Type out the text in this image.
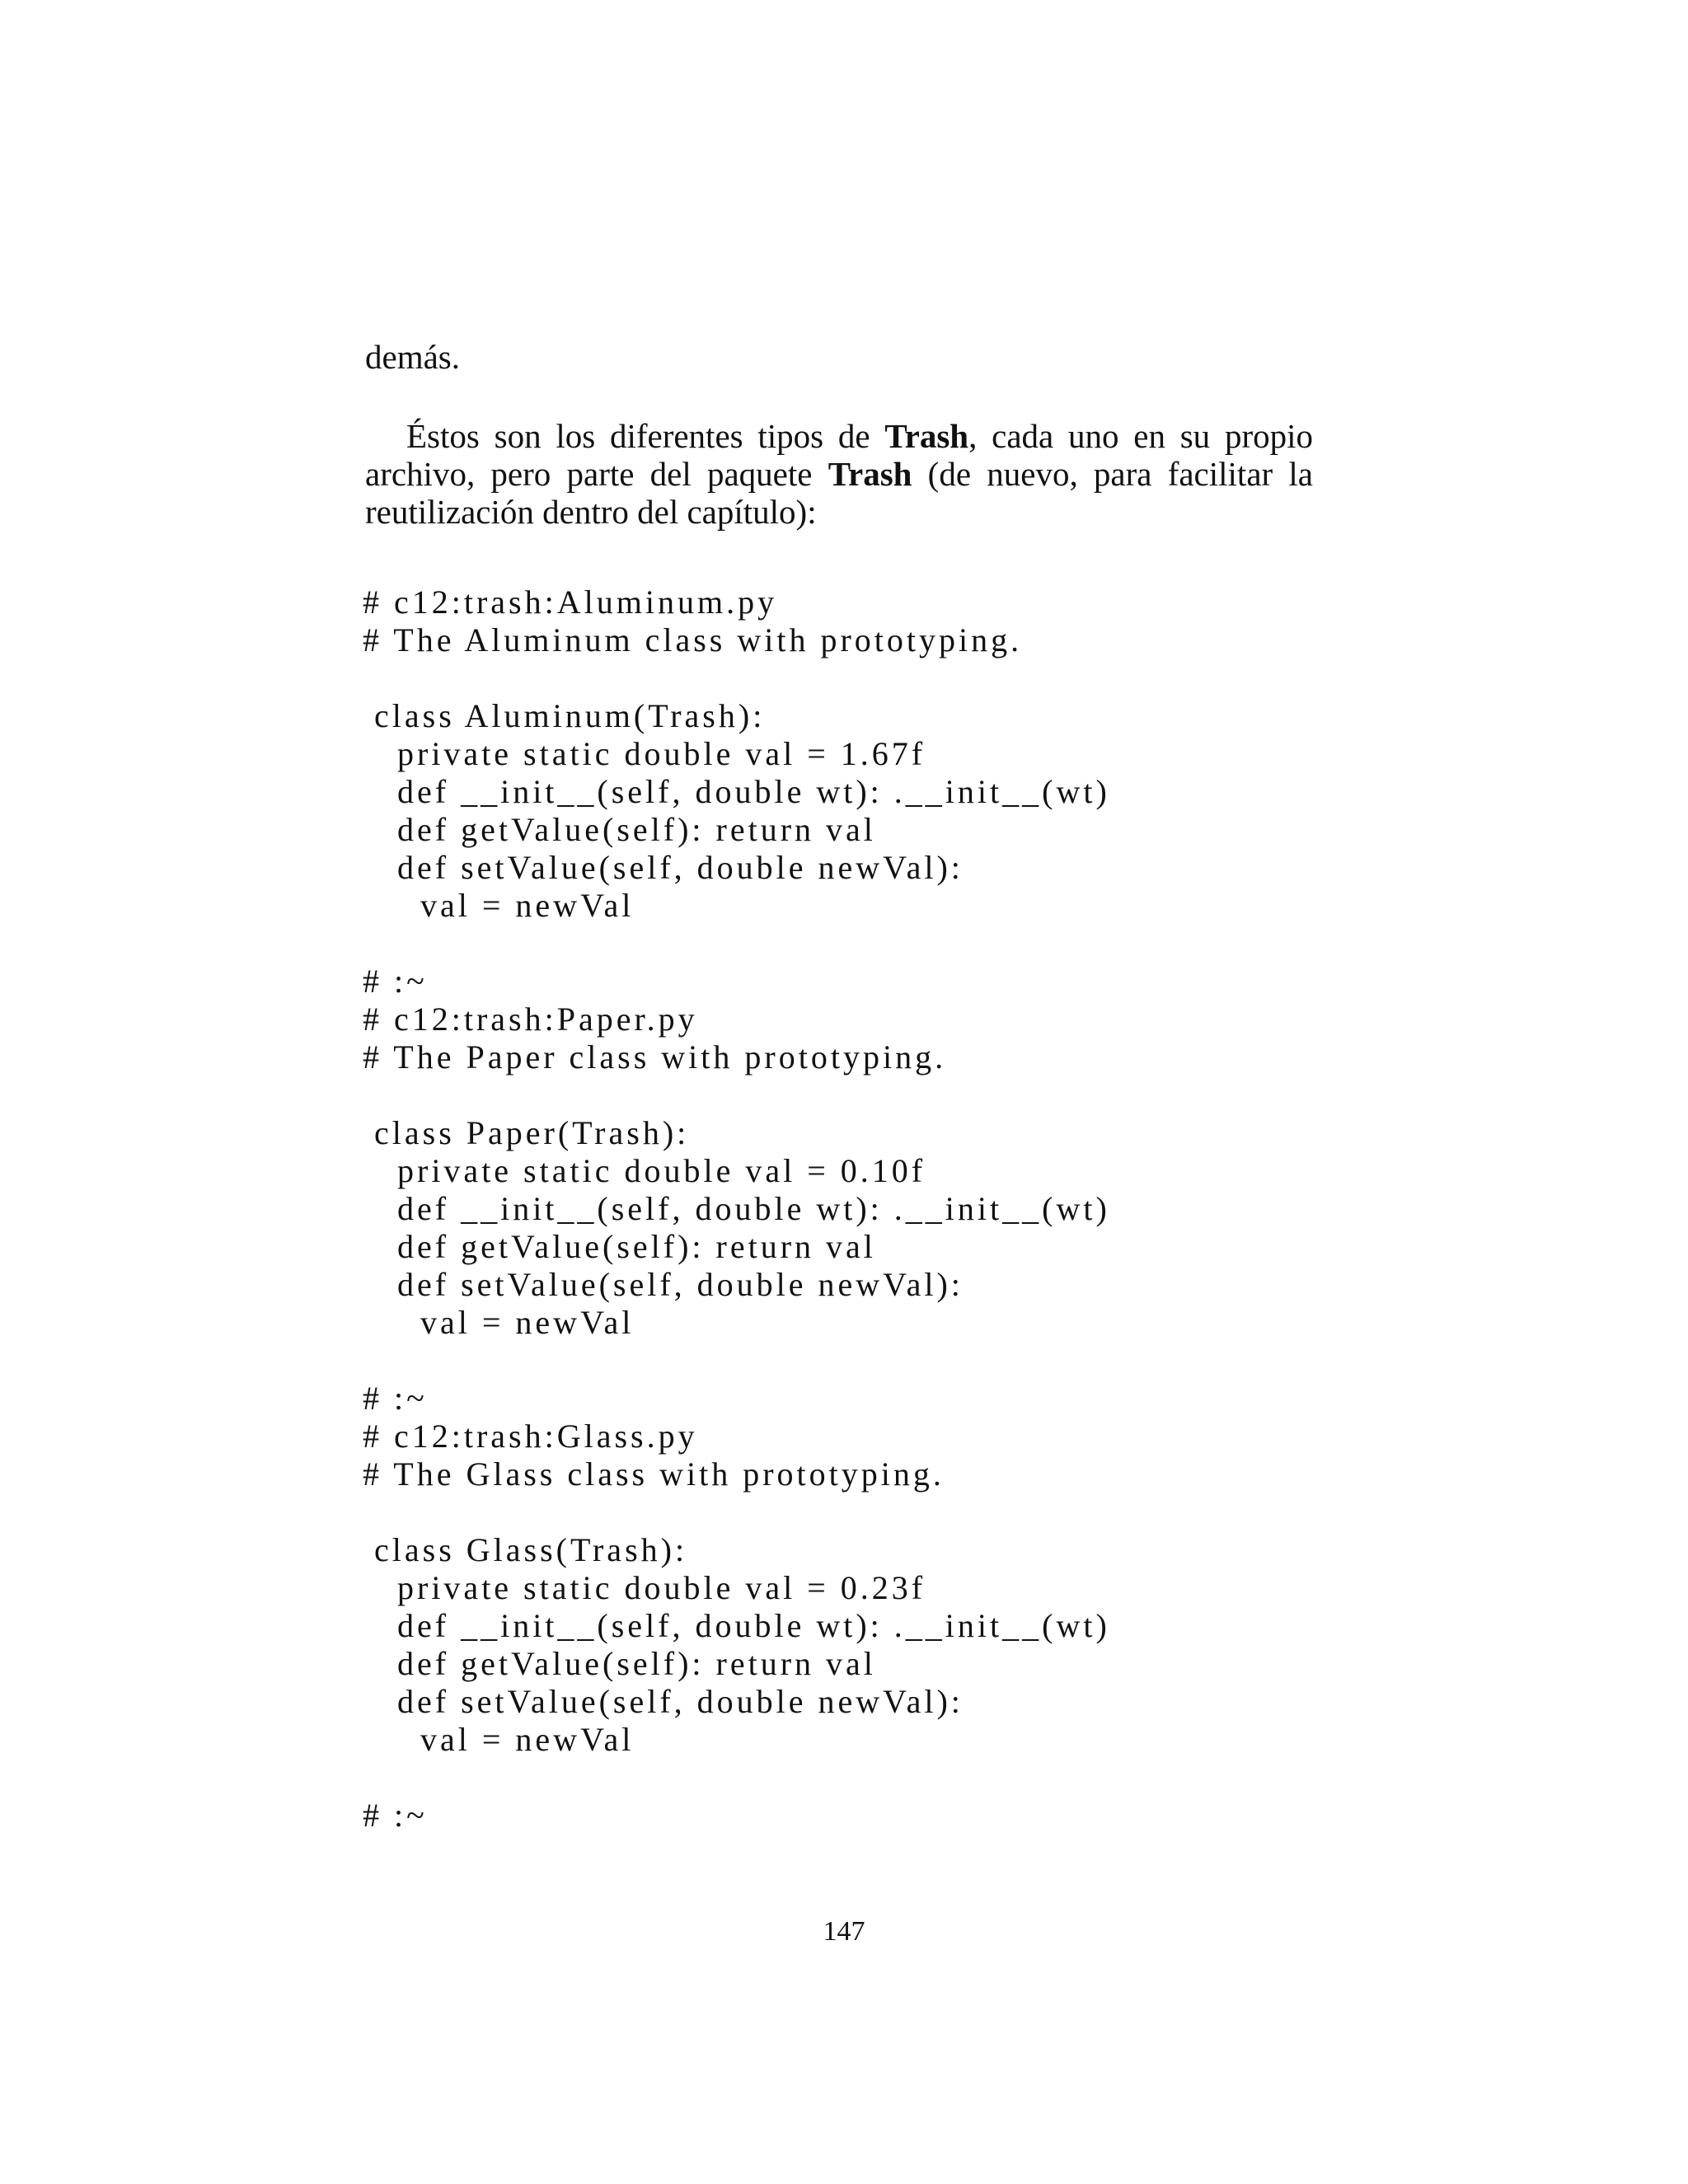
demás.

Éstos son los diferentes tipos de Trash, cada uno en su propio archivo, pero parte del paquete Trash (de nuevo, para facilitar la reutilización dentro del capítulo):

# c12:trash:Aluminum.py
# The Aluminum class with prototyping.
class Aluminum(Trash):
private static double val = 1.67f
def __init__(self, double wt): .__init__(wt)
def getValue(self): return val
def setValue(self, double newVal):
val = newVal
# :~
# c12:trash:Paper.py
# The Paper class with prototyping.
class Paper(Trash):
private static double val = 0.10f
def __init__(self, double wt): .__init__(wt)
def getValue(self): return val
def setValue(self, double newVal):
val = newVal
# :~
# c12:trash:Glass.py
# The Glass class with prototyping.
class Glass(Trash):
private static double val = 0.23f
def __init__(self, double wt): .__init__(wt)
def getValue(self): return val
def setValue(self, double newVal):
val = newVal
# :~
147
